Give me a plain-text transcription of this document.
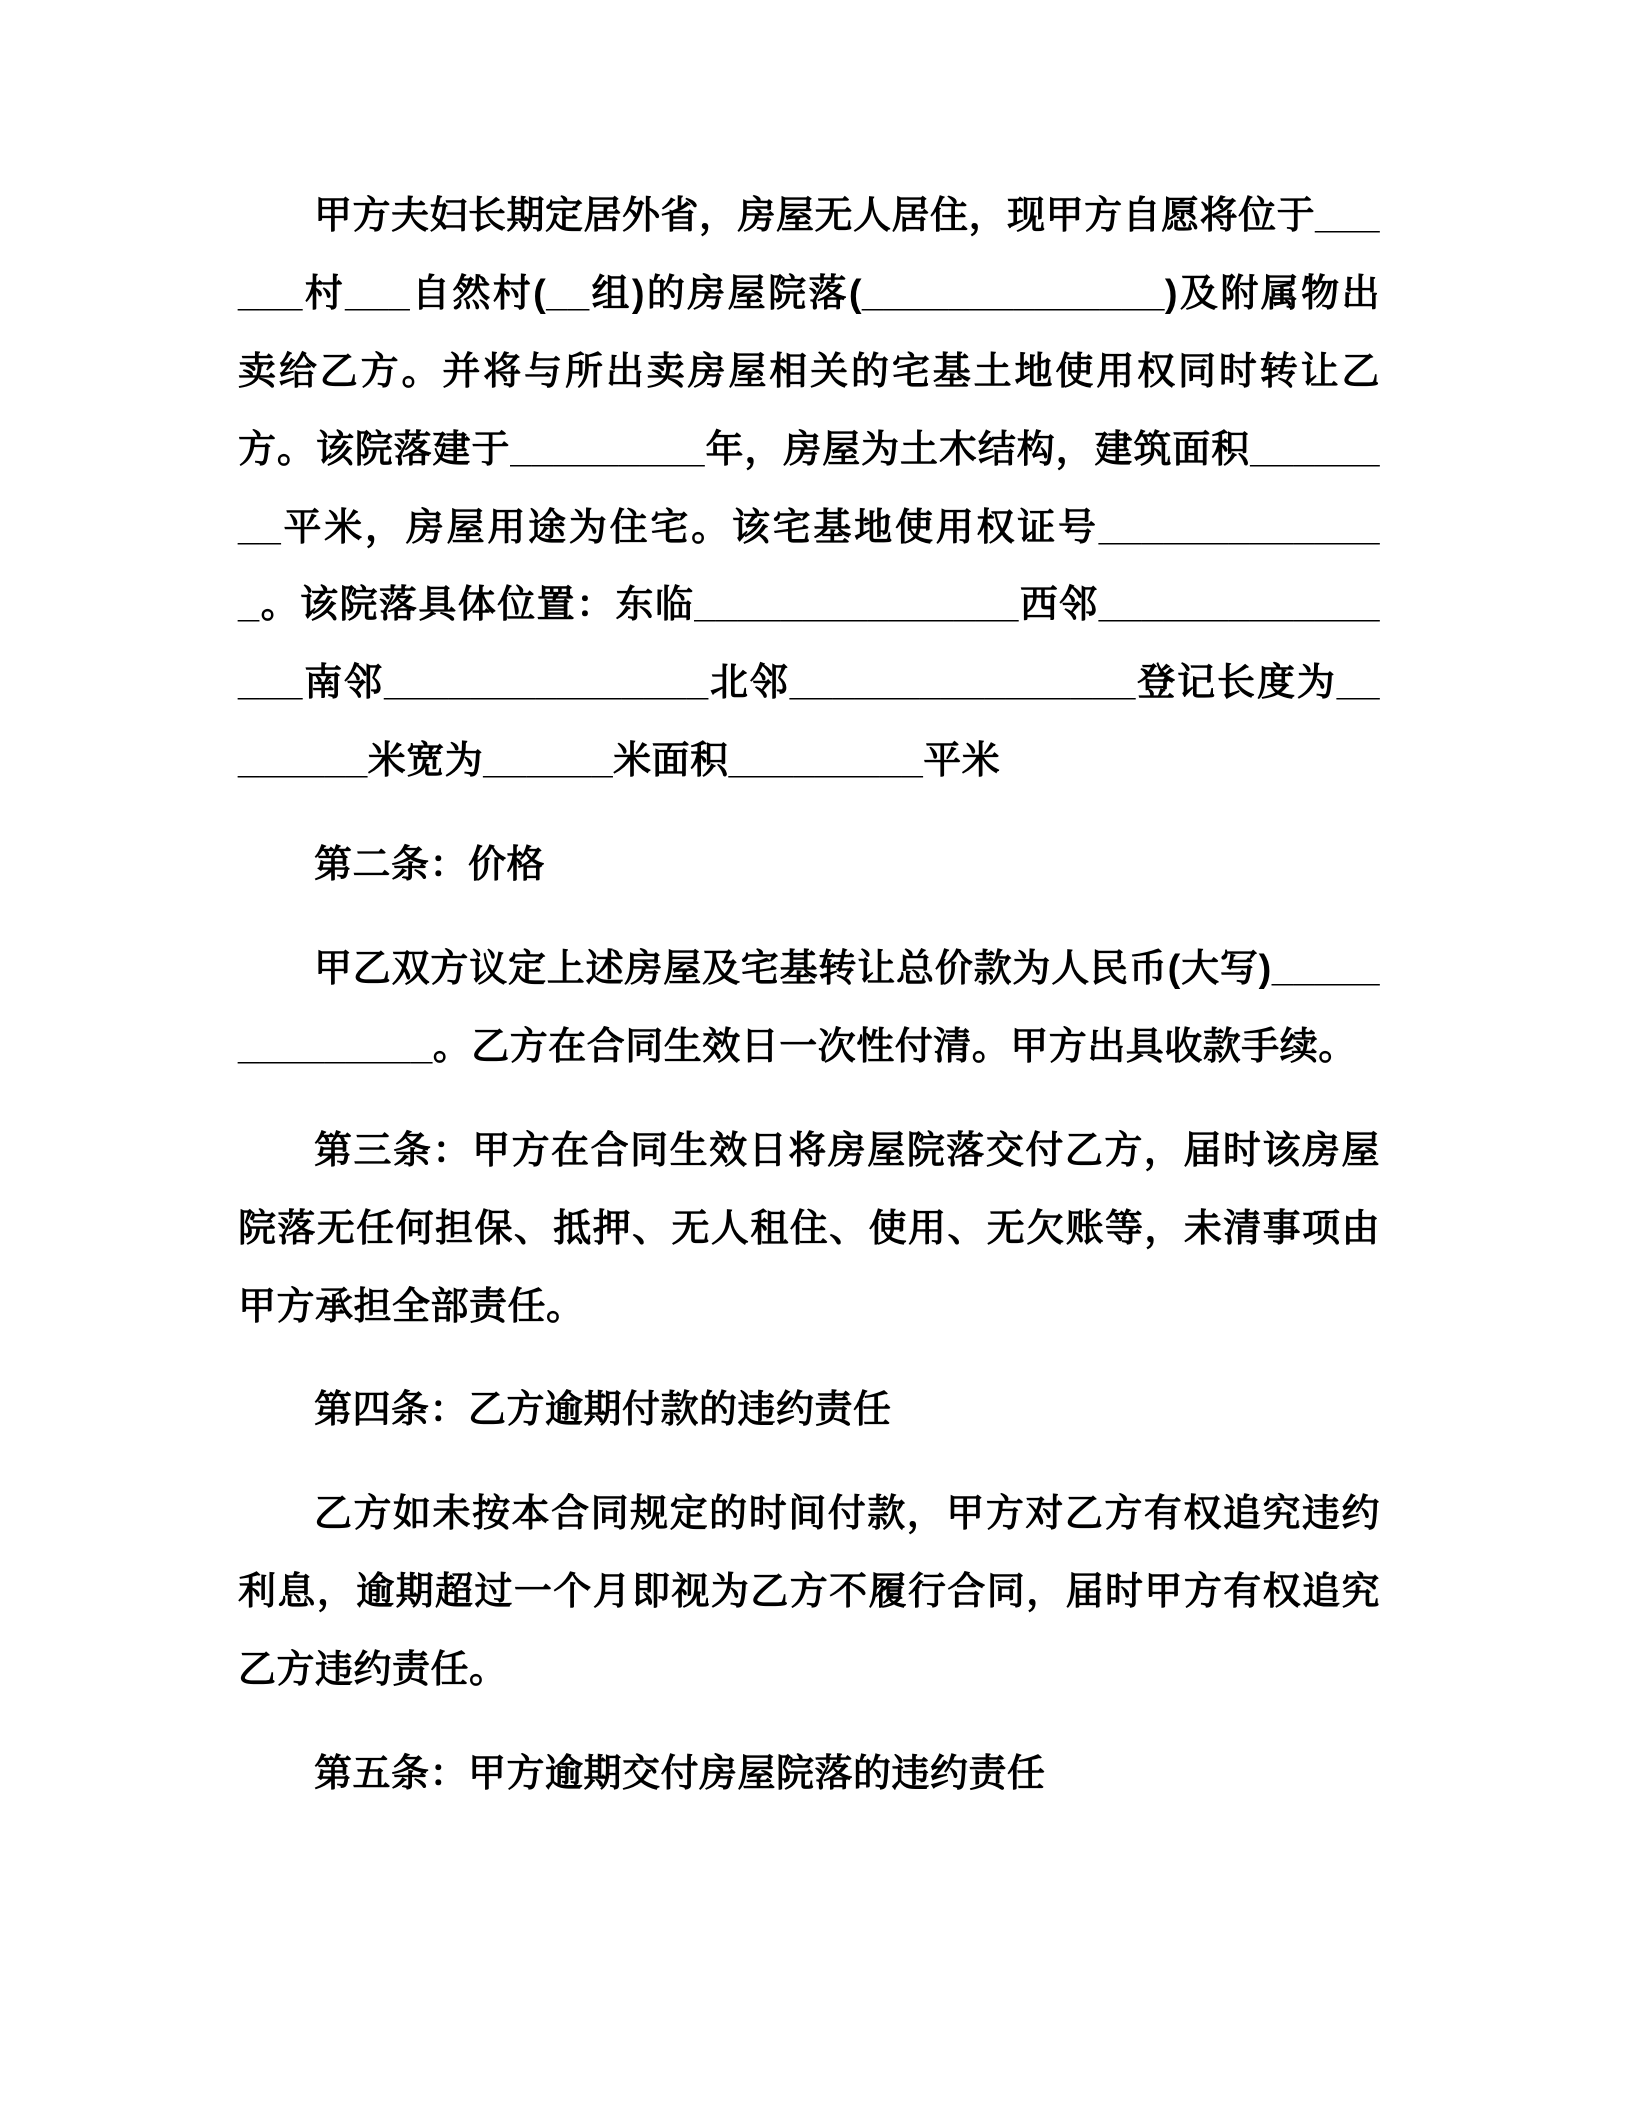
甲方夫妇长期定居外省，房屋无人居住，现甲方自愿将位于______村___自然村(__组)的房屋院落(______________)及附属物出卖给乙方。并将与所出卖房屋相关的宅基土地使用权同时转让乙方。该院落建于_________年，房屋为土木结构，建筑面积________平米，房屋用途为住宅。该宅基地使用权证号______________。该院落具体位置：东临_______________西邻________________南邻_______________北邻________________登记长度为________米宽为______米面积_________平米

第二条：价格

甲乙双方议定上述房屋及宅基转让总价款为人民币(大写)______________。乙方在合同生效日一次性付清。甲方出具收款手续。

第三条：甲方在合同生效日将房屋院落交付乙方，届时该房屋院落无任何担保、抵押、无人租住、使用、无欠账等，未清事项由甲方承担全部责任。

第四条：乙方逾期付款的违约责任

乙方如未按本合同规定的时间付款，甲方对乙方有权追究违约利息，逾期超过一个月即视为乙方不履行合同，届时甲方有权追究乙方违约责任。

第五条：甲方逾期交付房屋院落的违约责任
